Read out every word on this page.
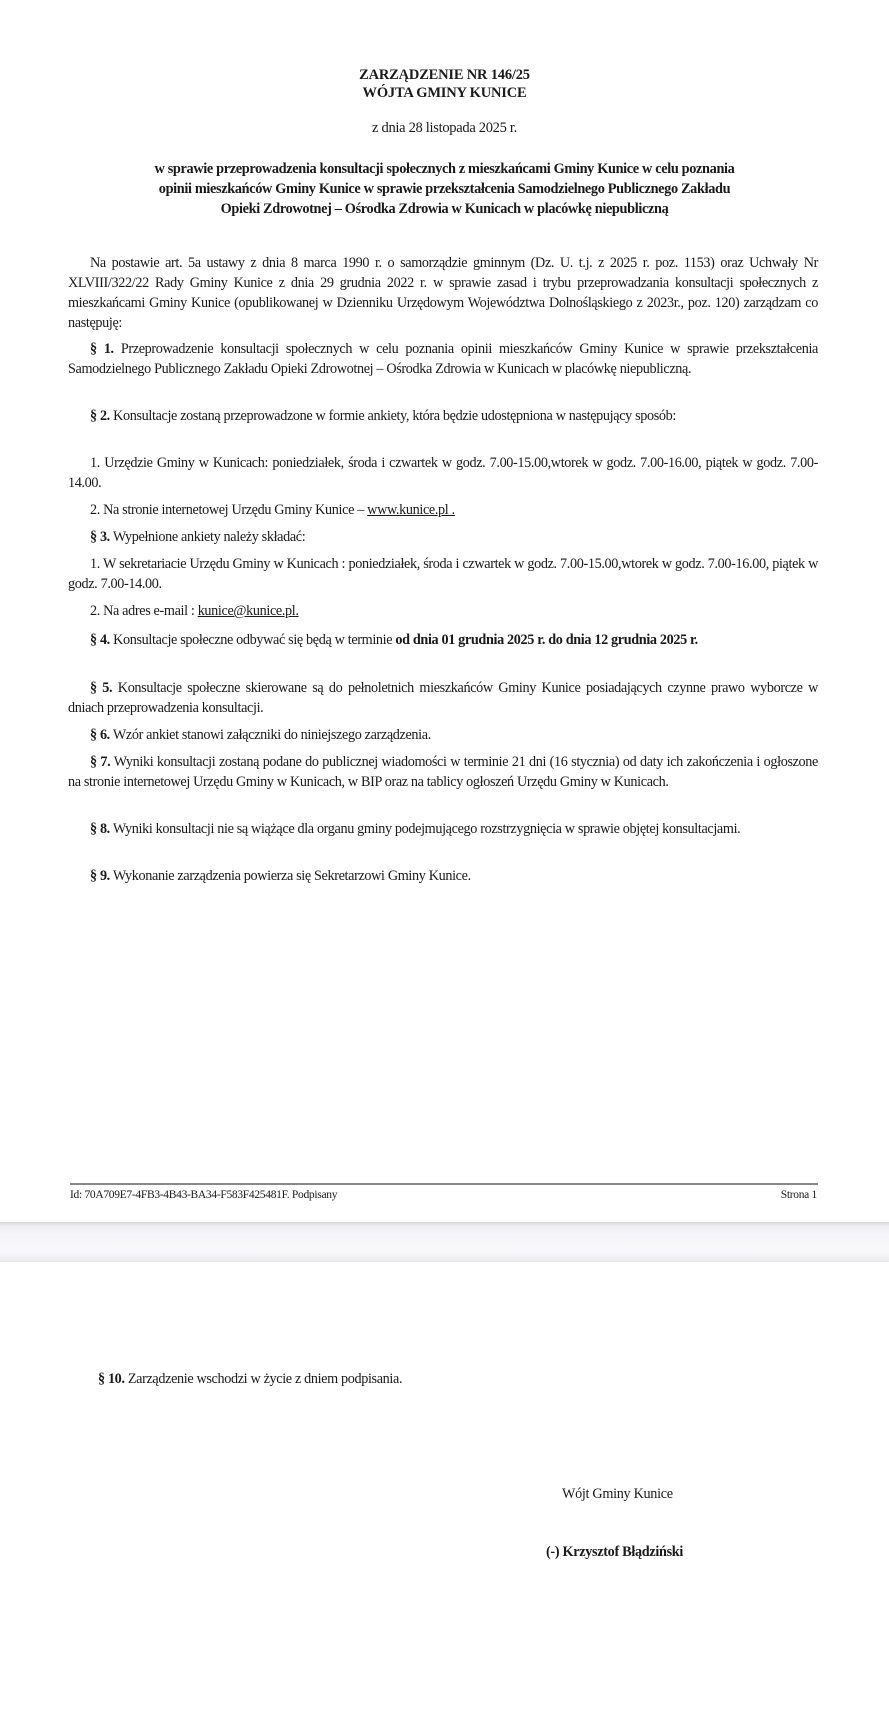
ZARZĄDZENIE NR 146/25
WÓJTA GMINY KUNICE
z dnia 28 listopada 2025 r.
w sprawie przeprowadzenia konsultacji społecznych z mieszkańcami Gminy Kunice w celu poznania
opinii mieszkańców Gminy Kunice w sprawie przekształcenia Samodzielnego Publicznego Zakładu
Opieki Zdrowotnej – Ośrodka Zdrowia w Kunicach w placówkę niepubliczną
Na postawie art. 5a ustawy z dnia 8 marca 1990 r. o samorządzie gminnym (Dz. U. t.j. z 2025 r. poz. 1153) oraz Uchwały Nr XLVIII/322/22 Rady Gminy Kunice z dnia 29 grudnia 2022 r. w sprawie zasad i trybu przeprowadzania konsultacji społecznych z mieszkańcami Gminy Kunice (opublikowanej w Dzienniku Urzędowym Województwa Dolnośląskiego z 2023r., poz. 120) zarządzam co następuję:
§ 1. Przeprowadzenie konsultacji społecznych w celu poznania opinii mieszkańców Gminy Kunice w sprawie przekształcenia Samodzielnego Publicznego Zakładu Opieki Zdrowotnej – Ośrodka Zdrowia w Kunicach w placówkę niepubliczną.
§ 2. Konsultacje zostaną przeprowadzone w formie ankiety, która będzie udostępniona w następujący sposób:
1. Urzędzie Gminy w Kunicach: poniedziałek, środa i czwartek w godz. 7.00-15.00,wtorek w godz. 7.00-16.00, piątek w godz. 7.00-14.00.
2. Na stronie internetowej Urzędu Gminy Kunice – www.kunice.pl .
§ 3. Wypełnione ankiety należy składać:
1. W sekretariacie Urzędu Gminy w Kunicach : poniedziałek, środa i czwartek w godz. 7.00-15.00,wtorek w godz. 7.00-16.00, piątek w godz. 7.00-14.00.
2. Na adres e-mail : kunice@kunice.pl.
§ 4. Konsultacje społeczne odbywać się będą w terminie od dnia 01 grudnia 2025 r. do dnia 12 grudnia 2025 r.
§ 5. Konsultacje społeczne skierowane są do pełnoletnich mieszkańców Gminy Kunice posiadających czynne prawo wyborcze w dniach przeprowadzenia konsultacji.
§ 6. Wzór ankiet stanowi załączniki do niniejszego zarządzenia.
§ 7. Wyniki konsultacji zostaną podane do publicznej wiadomości w terminie 21 dni (16 stycznia) od daty ich zakończenia i ogłoszone na stronie internetowej Urzędu Gminy w Kunicach, w BIP oraz na tablicy ogłoszeń Urzędu Gminy w Kunicach.
§ 8. Wyniki konsultacji nie są wiążące dla organu gminy podejmującego rozstrzygnięcia w sprawie objętej konsultacjami.
§ 9. Wykonanie zarządzenia powierza się Sekretarzowi Gminy Kunice.
Id: 70A709E7-4FB3-4B43-BA34-F583F425481F. Podpisany	Strona 1
§ 10. Zarządzenie wschodzi w życie z dniem podpisania.
Wójt Gminy Kunice
(-) Krzysztof Błądziński
